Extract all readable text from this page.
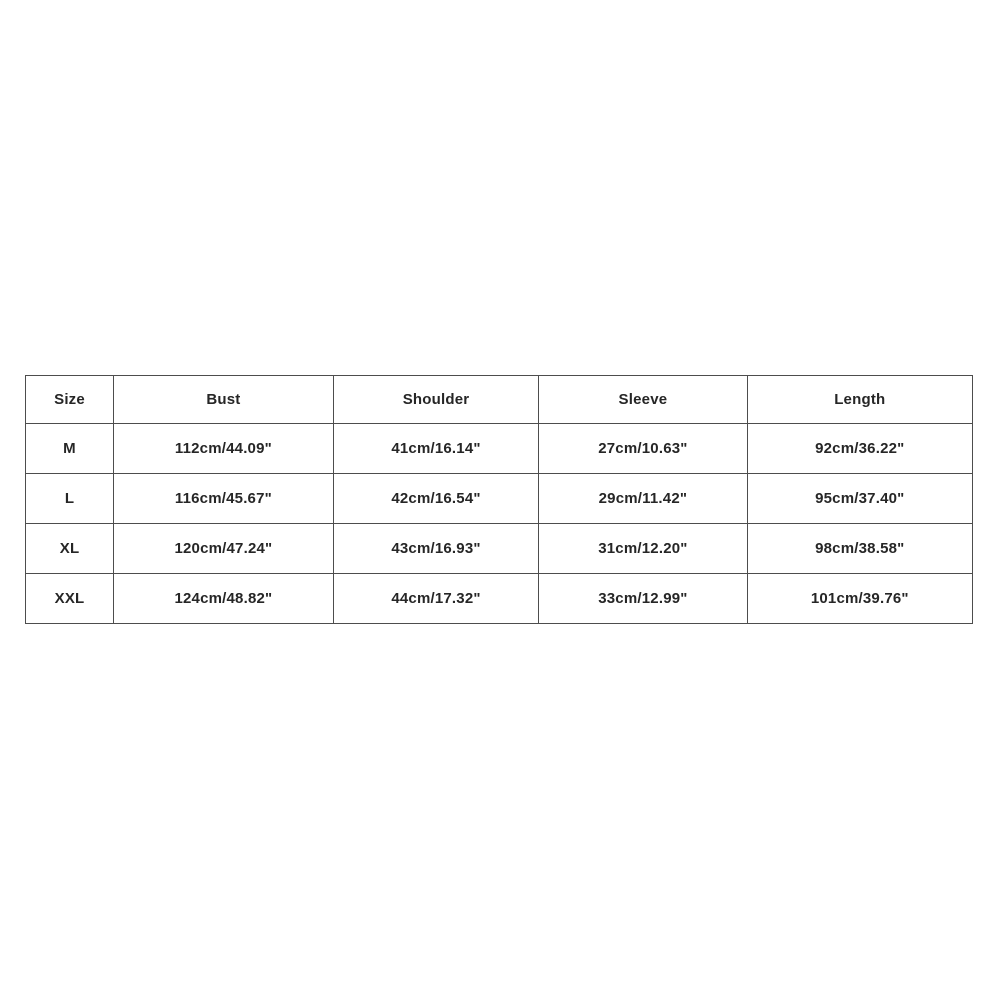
Size	Bust	Shoulder	Sleeve	Length
M	112cm/44.09"	41cm/16.14"	27cm/10.63"	92cm/36.22"
L	116cm/45.67"	42cm/16.54"	29cm/11.42"	95cm/37.40"
XL	120cm/47.24"	43cm/16.93"	31cm/12.20"	98cm/38.58"
XXL	124cm/48.82"	44cm/17.32"	33cm/12.99"	101cm/39.76"
